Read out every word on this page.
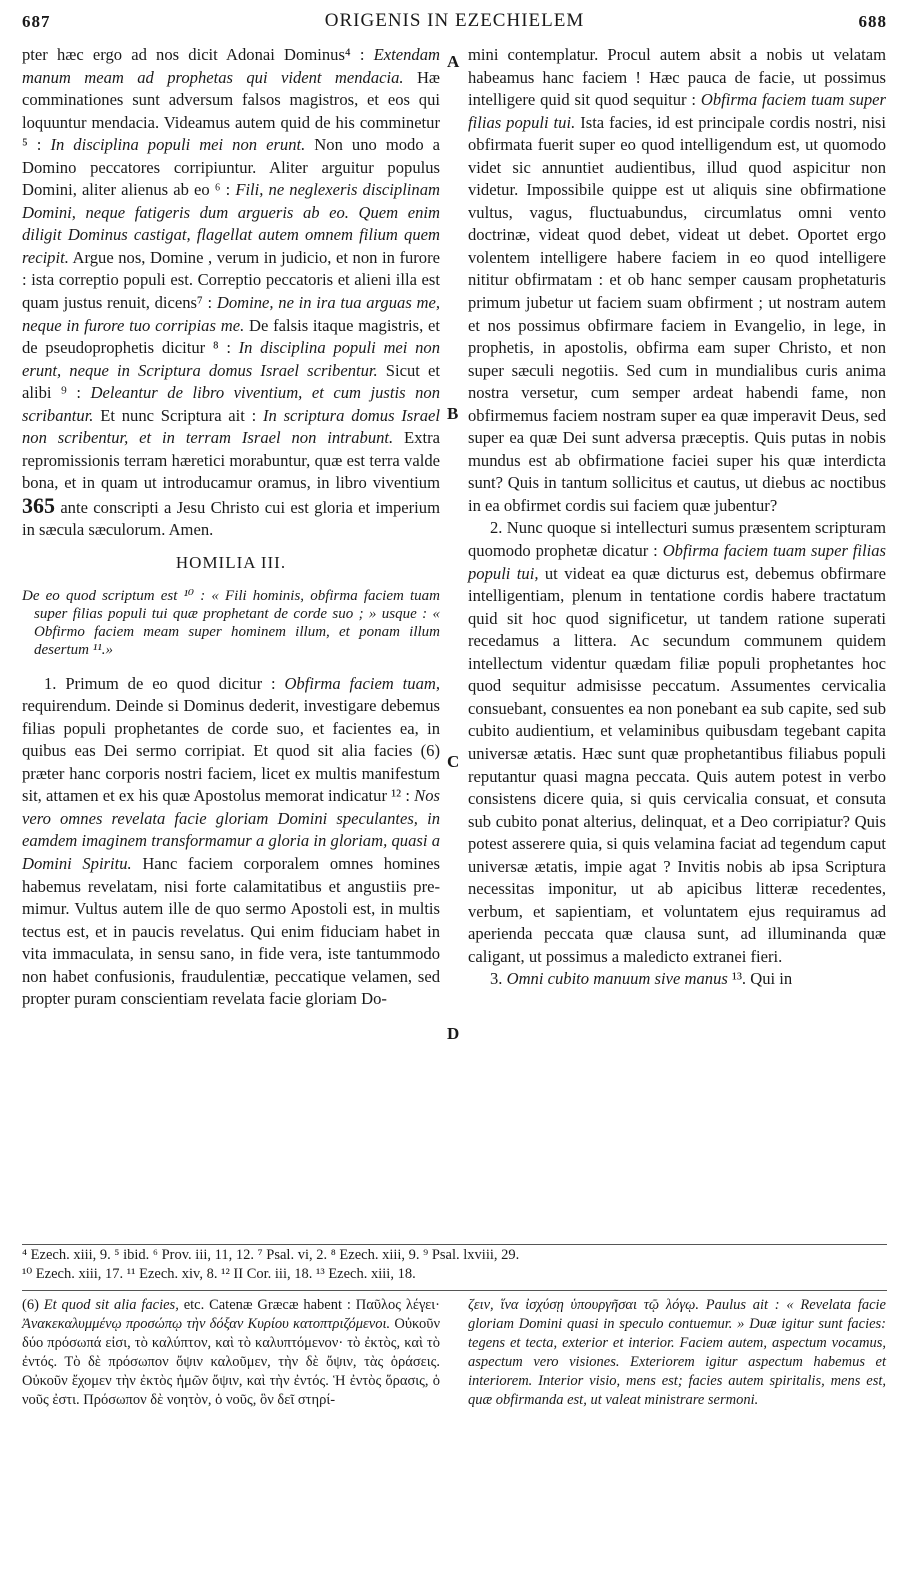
687	ORIGENIS IN EZECHIELEM	688

pter hæc ergo ad nos dicit Adonai Dominus⁴ : Extendam manum meam ad prophetas qui vident mendacia. Hæ comminationes sunt adversum falsos magistros, et eos qui loquuntur mendacia. Videamus autem quid de his comminetur ⁵ : In disciplina populi mei non erunt. Non uno modo a Domino peccatores corripiuntur. Aliter arguitur populus Domini, aliter alienus ab eo ⁶ : Fili, ne neglexeris disciplinam Domini, neque fatigeris dum argueris ab eo. Quem enim diligit Dominus castigat, flagellat autem omnem filium quem recipit. Argue nos, Domine , verum in judicio, et non in furore : ista correptio populi est. Correptio peccatoris et alieni illa est quam justus renuit, dicens⁷ : Domine, ne in ira tua arguas me, neque in furore tuo corripias me. De falsis itaque magistris, et de pseudoprophetis dicitur ⁸ : In disciplina populi mei non erunt, neque in Scriptura domus Israel scribentur. Sicut et alibi ⁹ : Deleantur de libro viventium, et cum justis non scribantur. Et nunc Scriptura ait : In scriptura domus Israel non scribentur, et in terram Israel non intrabunt. Extra repromissionis terram hæretici morabuntur, quæ est terra valde bona, et in quam ut introducamur oramus, in libro viventium 365 ante conscripti a Jesu Christo cui est gloria et imperium in sæcula sæculorum. Amen.

HOMILIA III.

De eo quod scriptum est ¹⁰ : « Fili hominis, obfirma faciem tuam super filias populi tui quæ prophetant de corde suo ; » usque : « Obfirmo faciem meam super hominem illum, et ponam illum desertum ¹¹.»

1. Primum de eo quod dicitur : Obfirma faciem tuam, requirendum. Deinde si Dominus dederit, investigare debemus filias populi prophetantes de corde suo, et facientes ea, in quibus eas Dei sermo corripiat. Et quod sit alia facies (6) præter hanc corporis nostri faciem, licet ex multis manifestum sit, attamen et ex his quæ Apostolus memorat indicatur ¹² : Nos vero omnes revelata facie gloriam Domini speculantes, in eamdem imaginem transformamur a gloria in gloriam, quasi a Domini Spiritu. Hanc faciem corporalem omnes homines habemus revelatam, nisi forte calamitatibus et angustiis premimur. Vultus autem ille de quo sermo Apostoli est, in multis tectus est, et in paucis revelatus. Qui enim fiduciam habet in vita immaculata, in sensu sano, in fide vera, iste tantummodo non habet confusionis, fraudulentiæ, peccatique velamen, sed propter puram conscientiam revelata facie gloriam Do-

mini contemplatur. Procul autem absit a nobis ut velatam habeamus hanc faciem ! Hæc pauca de facie, ut possimus intelligere quid sit quod sequitur : Obfirma faciem tuam super filias populi tui. Ista facies, id est principale cordis nostri, nisi obfirmata fuerit super eo quod intelligendum est, ut quomodo videt sic annuntiet audientibus, illud quod aspicitur non videtur. Impossibile quippe est ut aliquis sine obfirmatione vultus, vagus, fluctuabundus, circumlatus omni vento doctrinæ, videat quod debet, videat ut debet. Oportet ergo volentem intelligere habere faciem in eo quod intelligere nititur obfirmatam : et ob hanc semper causam prophetaturis primum jubetur ut faciem suam obfirment ; ut nostram autem et nos possimus obfirmare faciem in Evangelio, in lege, in prophetis, in apostolis, obfirma eam super Christo, et non super sæculi negotiis. Sed cum in mundialibus curis anima nostra versetur, cum semper ardeat habendi fame, non obfirmemus faciem nostram super ea quæ imperavit Deus, sed super ea quæ Dei sunt adversa præceptis. Quis putas in nobis mundus est ab obfirmatione faciei super his quæ interdicta sunt? Quis in tantum sollicitus et cautus, ut diebus ac noctibus in ea obfirmet cordis sui faciem quæ jubentur?

2. Nunc quoque si intellecturi sumus præsentem scripturam quomodo prophetæ dicatur : Obfirma faciem tuam super filias populi tui, ut videat ea quæ dicturus est, debemus obfirmare intelligentiam, plenum in tentatione cordis habere tractatum quid sit hoc quod significetur, ut tandem ratione superati recedamus a littera. Ac secundum communem quidem intellectum videntur quædam filiæ populi prophetantes hoc quod sequitur admisisse peccatum. Assumentes cervicalia consuebant, consuentes ea non ponebant ea sub capite, sed sub cubito audientium, et velaminibus quibusdam tegebant capita universæ ætatis. Hæc sunt quæ prophetantibus filiabus populi reputantur quasi magna peccata. Quis autem potest in verbo consistens dicere quia, si quis cervicalia consuat, et consuta sub cubito ponat alterius, delinquat, et a Deo corripiatur? Quis potest asserere quia, si quis velamina faciat ad tegendum caput universæ ætatis, impie agat ? Invitis nobis ab ipsa Scriptura necessitas imponitur, ut ab apicibus litteræ recedentes, verbum, et sapientiam, et voluntatem ejus requiramus ad aperienda peccata quæ clausa sunt, ad illuminanda quæ caligant, ut possimus a maledicto extranei fieri.

3. Omni cubito manuum sive manus ¹³. Qui in

A
B
C
D
⁴ Ezech. xiii, 9. ⁵ ibid. ⁶ Prov. iii, 11, 12. ⁷ Psal. vi, 2. ⁸ Ezech. xiii, 9. ⁹ Psal. lxviii, 29.
¹⁰ Ezech. xiii, 17. ¹¹ Ezech. xiv, 8. ¹² II Cor. iii, 18. ¹³ Ezech. xiii, 18.
(6) Et quod sit alia facies, etc. Catenæ Græcæ habent : Παῦλος λέγει· Ἀνακεκαλυμμένῳ προσώπῳ τὴν δόξαν Κυρίου κατοπτριζόμενοι. Οὐκοῦν δύο πρόσωπά εἰσι, τὸ καλύπτον, καὶ τὸ καλυπτόμενον· τὸ ἐκτὸς, καὶ τὸ ἐντός. Τὸ δὲ πρόσωπον ὄψιν καλοῦμεν, τὴν δὲ ὄψιν, τὰς ὁράσεις. Οὐκοῦν ἔχομεν τὴν ἐκτὸς ἡμῶν ὄψιν, καὶ τὴν ἐντός. Ἡ ἐντὸς ὅρασις, ὁ νοῦς ἐστι. Πρόσωπον δὲ νοητὸν, ὁ νοῦς, ὃν δεῖ στηρί-
ζειν, ἵνα ἰσχύσῃ ὑπουργῆσαι τῷ λόγῳ. Paulus ait : « Revelata facie gloriam Domini quasi in speculo contuemur. » Duæ igitur sunt facies: tegens et tecta, exterior et interior. Faciem autem, aspectum vocamus, aspectum vero visiones. Exteriorem igitur aspectum habemus et interiorem. Interior visio, mens est; facies autem spiritalis, mens est, quæ obfirmanda est, ut valeat ministrare sermoni.
